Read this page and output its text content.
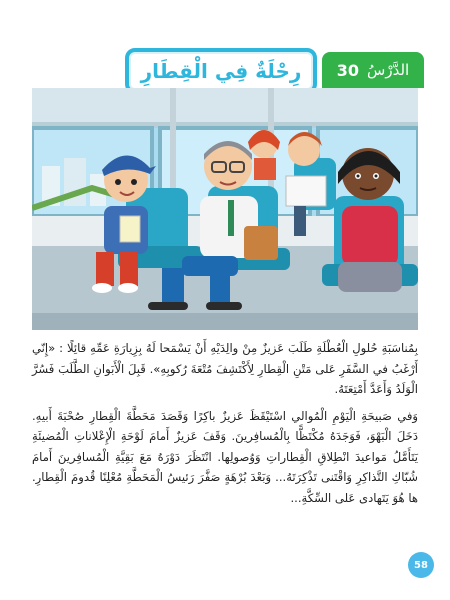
الدَّرْسُ
30
رِحْلَةٌ فِي الْقِطَارِ

بِمُناسَبَةِ حُلولِ الْعُطْلَةِ طَلَبَ عَزيزٌ مِنْ والِدَيْهِ أَنْ يَسْمَحا لَهُ بِزِيارَةِ عَمِّهِ قائِلًا : «إِنّي أَرْغَبُ في السَّفَرِ عَلى مَتْنِ الْقِطارِ لِأَكْتَشِفَ مُتْعَةَ رُكوبِهِ». قَبِلَ الْأَبَوانِ الطَّلَبَ فَسُرَّ الْوَلَدُ وَأَعَدَّ أَمْتِعَتَهُ.

وَفي صَبيحَةِ الْيَوْمِ الْمُوالي اسْتَيْقَظَ عَزيزٌ باكِرًا وَقَصَدَ مَحَطَّةَ الْقِطارِ صُحْبَةَ أَبيهِ. دَخَلَ الْبَهْوَ، فَوَجَدَهُ مُكْتَظًّا بِالْمُسافِرينَ. وَقَفَ عَزيزٌ أَمامَ لَوْحَةِ الْإِعْلاناتِ الْمُضيئَةِ يَتَأَمَّلُ مَواعيدَ انْطِلاقِ الْقِطاراتِ وَوُصولِها. انْتَظَرَ دَوْرَهُ مَعَ بَقِيَّةِ الْمُسافِرينَ أَمامَ شُبّاكِ التَّذاكِرِ وَاقْتَنى تَذْكِرَتَهُ... وَبَعْدَ بُرْهَةٍ صَفَّرَ رَئيسُ الْمَحَطَّةِ مُعْلِنًا قُدومَ الْقِطارِ. ها هُوَ يَتَهادى عَلى السِّكَّةِ...

58
